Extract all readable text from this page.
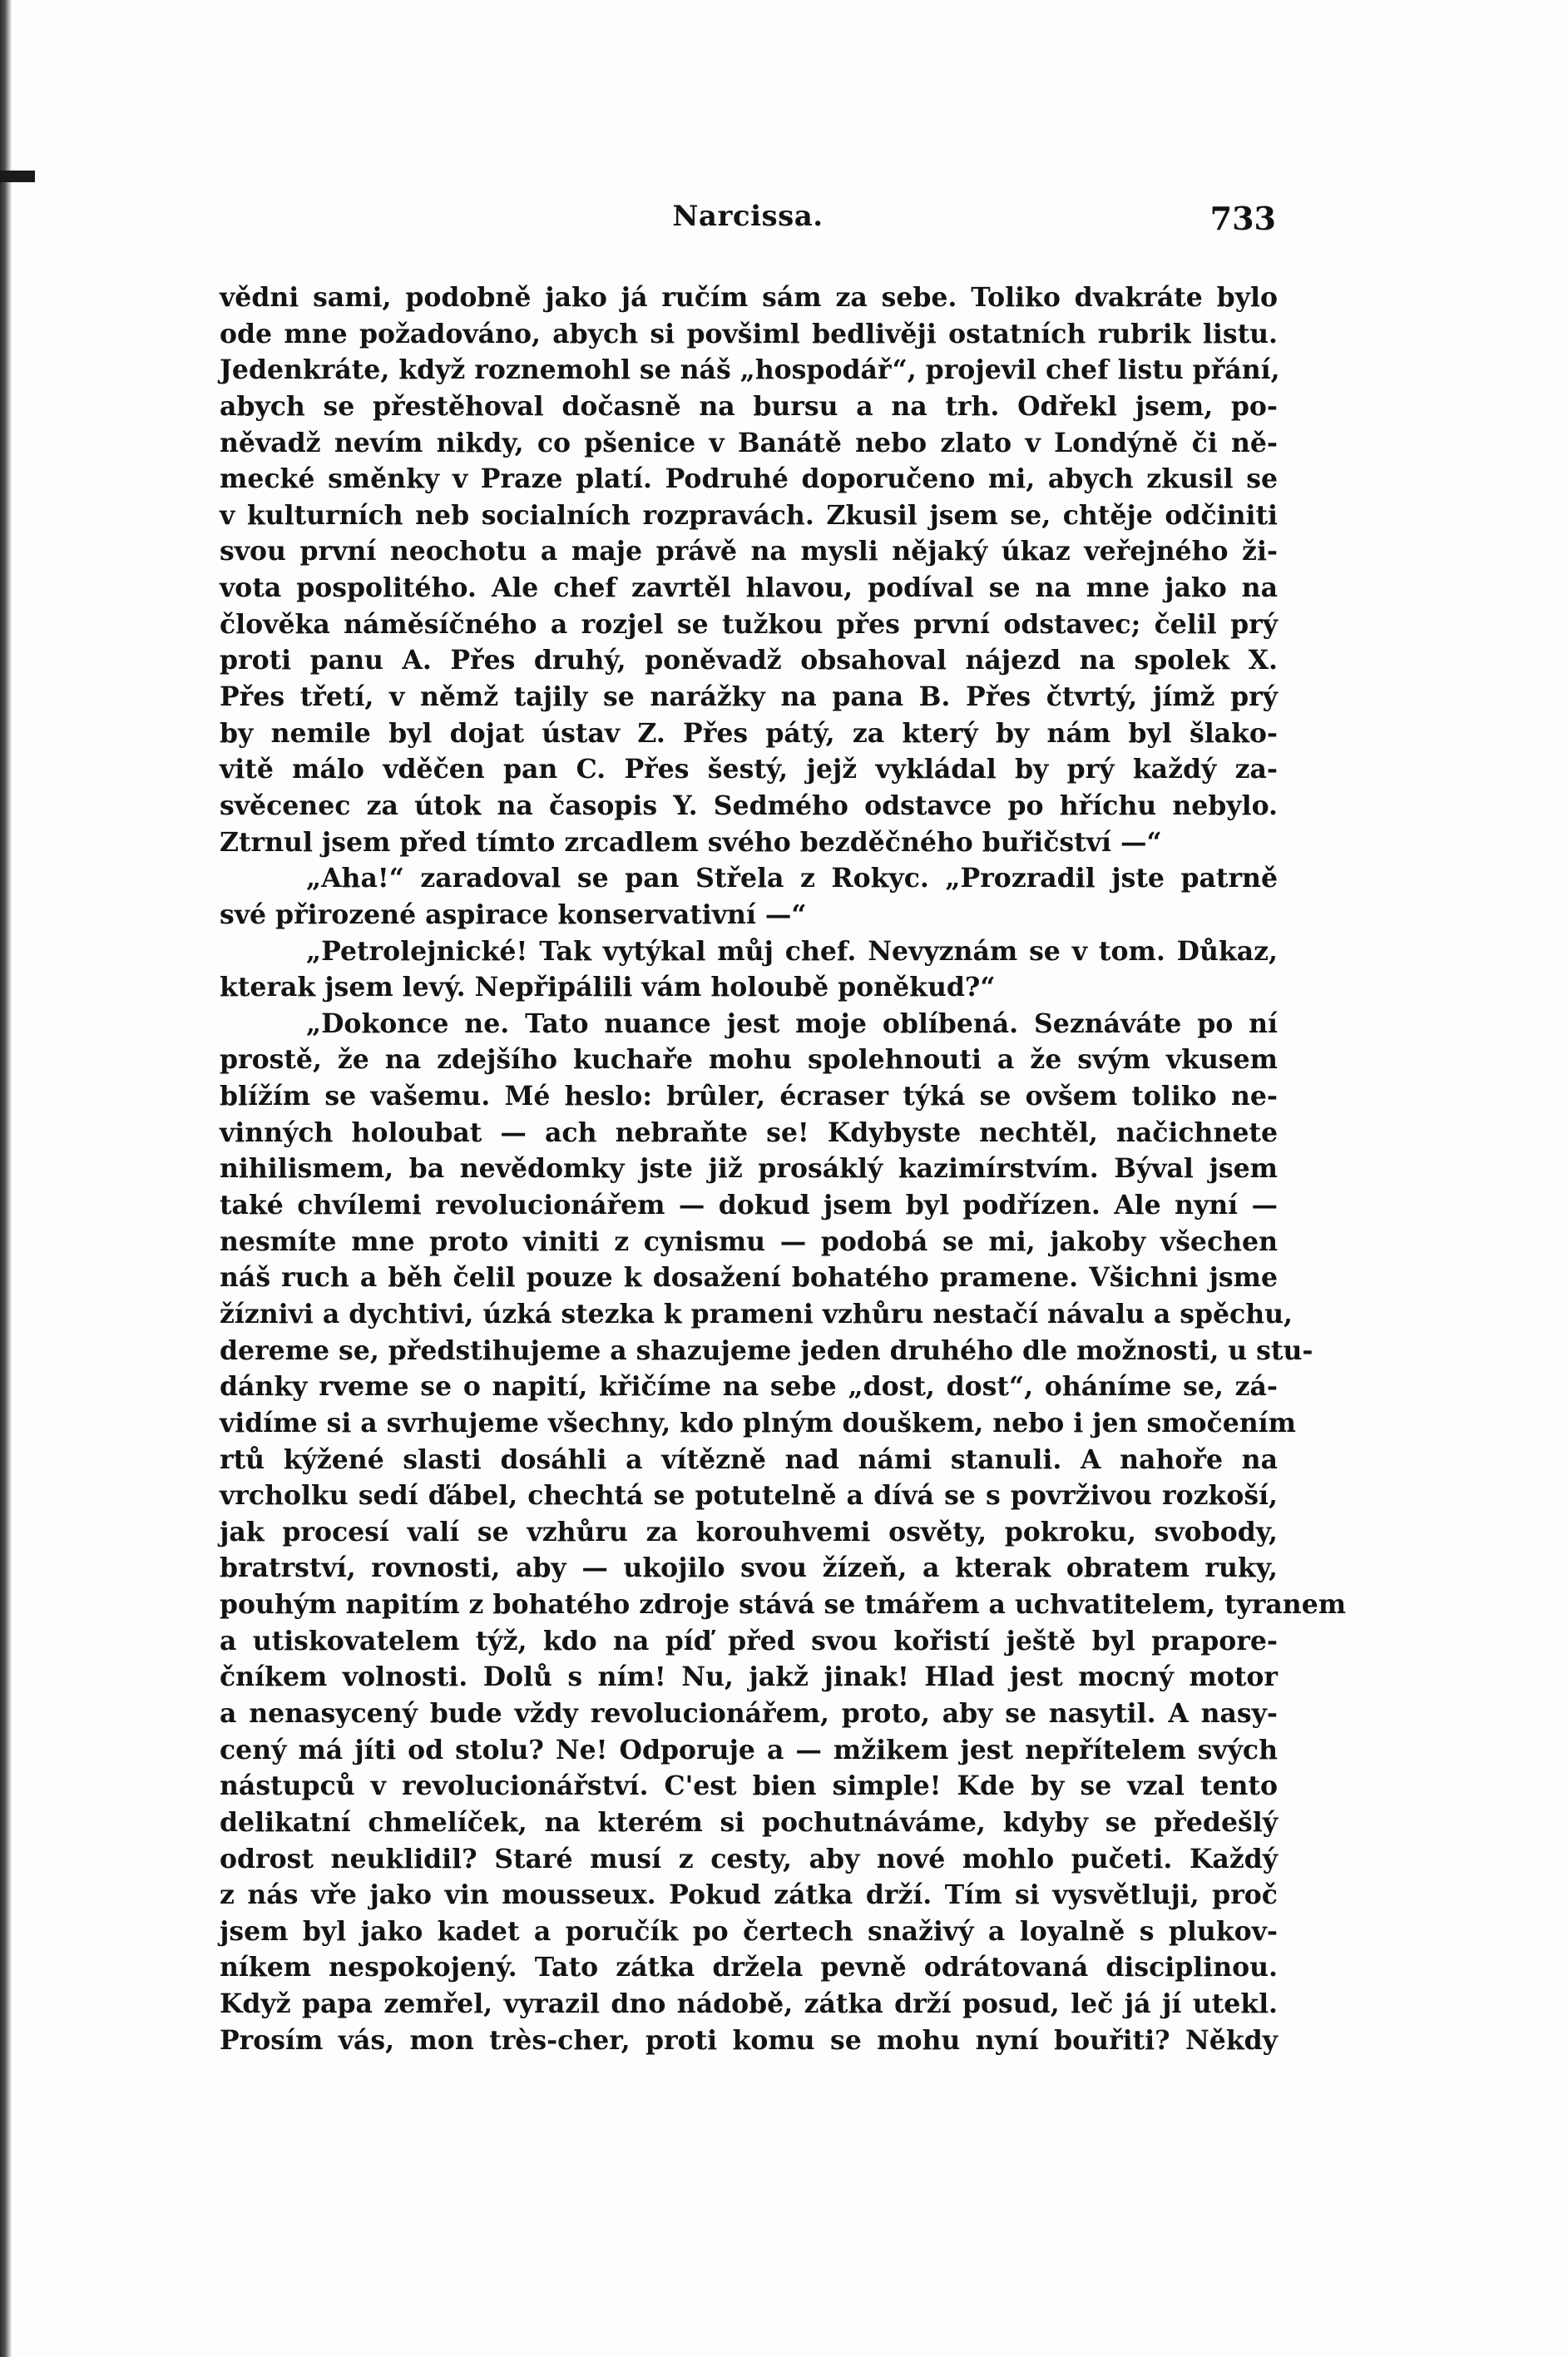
Narcissa.	733
vědni sami, podobně jako já ručím sám za sebe. Toliko dvakráte bylo
ode mne požadováno, abych si povšiml bedlivěji ostatních rubrik listu.
Jedenkráte, když roznemohl se náš „hospodář“, projevil chef listu přání,
abych se přestěhoval dočasně na bursu a na trh. Odřekl jsem, po-
něvadž nevím nikdy, co pšenice v Banátě nebo zlato v Londýně či ně-
mecké směnky v Praze platí. Podruhé doporučeno mi, abych zkusil se
v kulturních neb socialních rozpravách. Zkusil jsem se, chtěje odčiniti
svou první neochotu a maje právě na mysli nějaký úkaz veřejného ži-
vota pospolitého. Ale chef zavrtěl hlavou, podíval se na mne jako na
člověka náměsíčného a rozjel se tužkou přes první odstavec; čelil prý
proti panu A. Přes druhý, poněvadž obsahoval nájezd na spolek X.
Přes třetí, v němž tajily se narážky na pana B. Přes čtvrtý, jímž prý
by nemile byl dojat ústav Z. Přes pátý, za který by nám byl šlako-
vitě málo vděčen pan C. Přes šestý, jejž vykládal by prý každý za-
svěcenec za útok na časopis Y. Sedmého odstavce po hříchu nebylo.
Ztrnul jsem před tímto zrcadlem svého bezděčného buřičství —“
„Aha!“ zaradoval se pan Střela z Rokyc. „Prozradil jste patrně
své přirozené aspirace konservativní —“
„Petrolejnické! Tak vytýkal můj chef. Nevyznám se v tom. Důkaz,
kterak jsem levý. Nepřipálili vám holoubě poněkud?“
„Dokonce ne. Tato nuance jest moje oblíbená. Seznáváte po ní
prostě, že na zdejšího kuchaře mohu spolehnouti a že svým vkusem
blížím se vašemu. Mé heslo: brûler, écraser týká se ovšem toliko ne-
vinných holoubat — ach nebraňte se! Kdybyste nechtěl, načichnete
nihilismem, ba nevědomky jste již prosáklý kazimírstvím. Býval jsem
také chvílemi revolucionářem — dokud jsem byl podřízen. Ale nyní —
nesmíte mne proto viniti z cynismu — podobá se mi, jakoby všechen
náš ruch a běh čelil pouze k dosažení bohatého pramene. Všichni jsme
žíznivi a dychtivi, úzká stezka k prameni vzhůru nestačí návalu a spěchu,
dereme se, předstihujeme a shazujeme jeden druhého dle možnosti, u stu-
dánky rveme se o napití, křičíme na sebe „dost, dost“, oháníme se, zá-
vidíme si a svrhujeme všechny, kdo plným douškem, nebo i jen smočením
rtů kýžené slasti dosáhli a vítězně nad námi stanuli. A nahoře na
vrcholku sedí ďábel, chechtá se potutelně a dívá se s povrživou rozkoší,
jak procesí valí se vzhůru za korouhvemi osvěty, pokroku, svobody,
bratrství, rovnosti, aby — ukojilo svou žízeň, a kterak obratem ruky,
pouhým napitím z bohatého zdroje stává se tmářem a uchvatitelem, tyranem
a utiskovatelem týž, kdo na píď před svou kořistí ještě byl prapore-
čníkem volnosti. Dolů s ním! Nu, jakž jinak! Hlad jest mocný motor
a nenasycený bude vždy revolucionářem, proto, aby se nasytil. A nasy-
cený má jíti od stolu? Ne! Odporuje a — mžikem jest nepřítelem svých
nástupců v revolucionářství. C'est bien simple! Kde by se vzal tento
delikatní chmelíček, na kterém si pochutnáváme, kdyby se předešlý
odrost neuklidil? Staré musí z cesty, aby nové mohlo pučeti. Každý
z nás vře jako vin mousseux. Pokud zátka drží. Tím si vysvětluji, proč
jsem byl jako kadet a poručík po čertech snaživý a loyalně s plukov-
níkem nespokojený. Tato zátka držela pevně odrátovaná disciplinou.
Když papa zemřel, vyrazil dno nádobě, zátka drží posud, leč já jí utekl.
Prosím vás, mon très-cher, proti komu se mohu nyní bouřiti? Někdy
